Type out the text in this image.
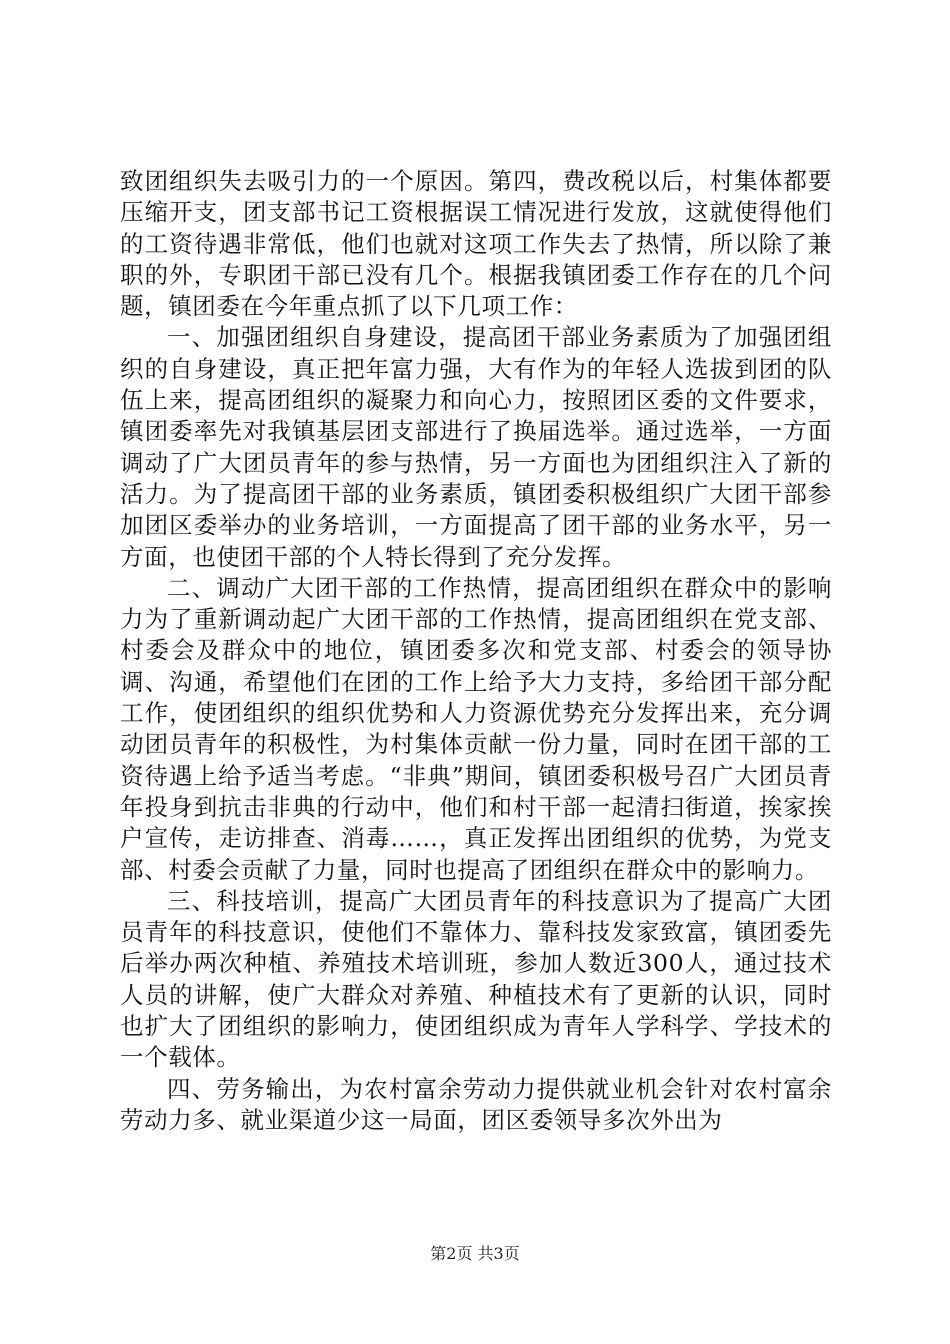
致团组织失去吸引力的一个原因。第四，费改税以后，村集体都要压缩开支，团支部书记工资根据误工情况进行发放，这就使得他们的工资待遇非常低，他们也就对这项工作失去了热情，所以除了兼职的外，专职团干部已没有几个。根据我镇团委工作存在的几个问题，镇团委在今年重点抓了以下几项工作：

一、加强团组织自身建设，提高团干部业务素质为了加强团组织的自身建设，真正把年富力强，大有作为的年轻人选拔到团的队伍上来，提高团组织的凝聚力和向心力，按照团区委的文件要求，镇团委率先对我镇基层团支部进行了换届选举。通过选举，一方面调动了广大团员青年的参与热情，另一方面也为团组织注入了新的活力。为了提高团干部的业务素质，镇团委积极组织广大团干部参加团区委举办的业务培训，一方面提高了团干部的业务水平，另一方面，也使团干部的个人特长得到了充分发挥。

二、调动广大团干部的工作热情，提高团组织在群众中的影响力为了重新调动起广大团干部的工作热情，提高团组织在党支部、村委会及群众中的地位，镇团委多次和党支部、村委会的领导协调、沟通，希望他们在团的工作上给予大力支持，多给团干部分配工作，使团组织的组织优势和人力资源优势充分发挥出来，充分调动团员青年的积极性，为村集体贡献一份力量，同时在团干部的工资待遇上给予适当考虑。“非典”期间，镇团委积极号召广大团员青年投身到抗击非典的行动中，他们和村干部一起清扫街道，挨家挨户宣传，走访排查、消毒……，真正发挥出团组织的优势，为党支部、村委会贡献了力量，同时也提高了团组织在群众中的影响力。

三、科技培训，提高广大团员青年的科技意识为了提高广大团员青年的科技意识，使他们不靠体力、靠科技发家致富，镇团委先后举办两次种植、养殖技术培训班，参加人数近300人，通过技术人员的讲解，使广大群众对养殖、种植技术有了更新的认识，同时也扩大了团组织的影响力，使团组织成为青年人学科学、学技术的一个载体。

四、劳务输出，为农村富余劳动力提供就业机会针对农村富余劳动力多、就业渠道少这一局面，团区委领导多次外出为

第2页 共3页
